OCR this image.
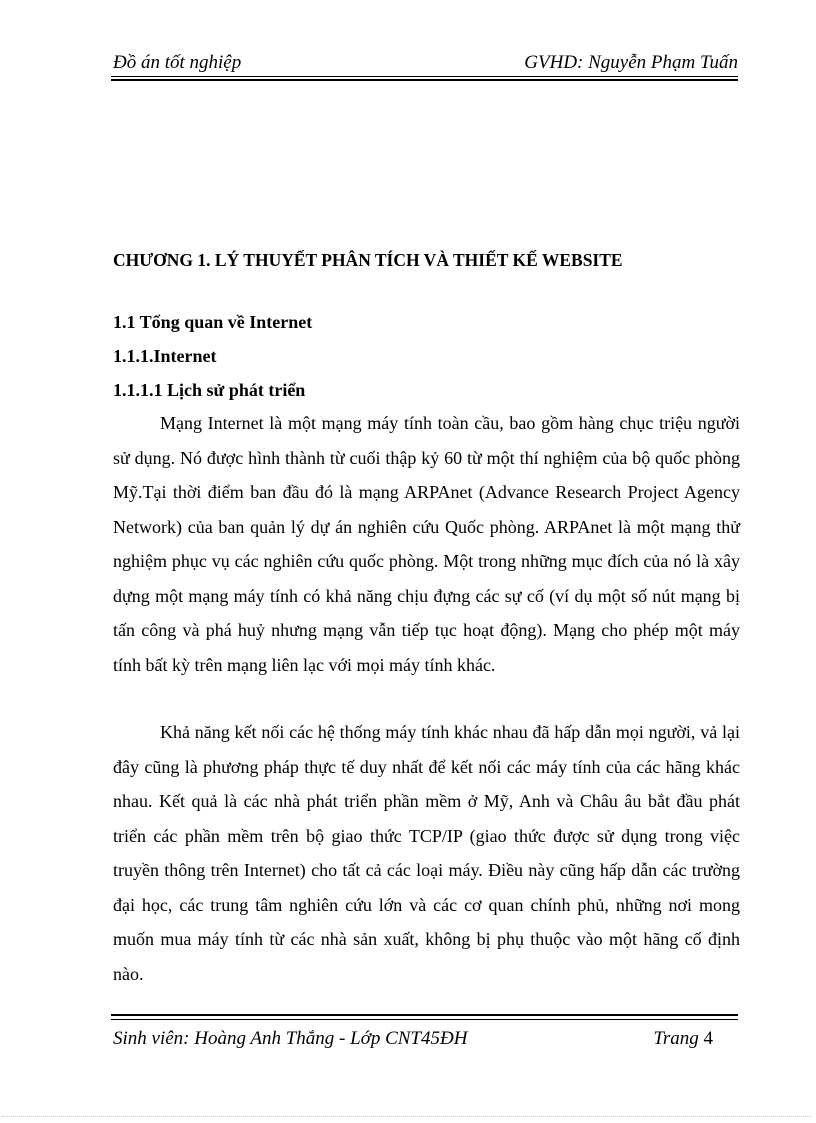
Đồ án tốt nghiệp	GVHD: Nguyễn Phạm Tuấn
CHƯƠNG 1. LÝ THUYẾT PHÂN TÍCH VÀ THIẾT KẾ WEBSITE
1.1 Tổng quan về Internet
1.1.1.Internet
1.1.1.1 Lịch sử phát triển

Mạng Internet là một mạng máy tính toàn cầu, bao gồm hàng chục triệu người sử dụng. Nó được hình thành từ cuối thập kỷ 60 từ một thí nghiệm của bộ quốc phòng Mỹ.Tại thời điểm ban đầu đó là mạng ARPAnet (Advance Research Project Agency Network) của ban quản lý dự án nghiên cứu Quốc phòng. ARPAnet là một mạng thử nghiệm phục vụ các nghiên cứu quốc phòng. Một trong những mục đích của nó là xây dựng một mạng máy tính có khả năng chịu đựng các sự cố (ví dụ một số nút mạng bị tấn công và phá huỷ nhưng mạng vẫn tiếp tục hoạt động). Mạng cho phép một máy tính bất kỳ trên mạng liên lạc với mọi máy tính khác.

Khả năng kết nối các hệ thống máy tính khác nhau đã hấp dẫn mọi người, vả lại đây cũng là phương pháp thực tế duy nhất để kết nối các máy tính của các hãng khác nhau. Kết quả là các nhà phát triển phần mềm ở Mỹ, Anh và Châu âu bắt đầu phát triển các phần mềm trên bộ giao thức TCP/IP (giao thức được sử dụng trong việc truyền thông trên Internet) cho tất cả các loại máy. Điều này cũng hấp dẫn các trường đại học, các trung tâm nghiên cứu lớn và các cơ quan chính phủ, những nơi mong muốn mua máy tính từ các nhà sản xuất, không bị phụ thuộc vào một hãng cố định nào.

Sinh viên: Hoàng Anh Thắng - Lớp CNT45ĐH	Trang 4
